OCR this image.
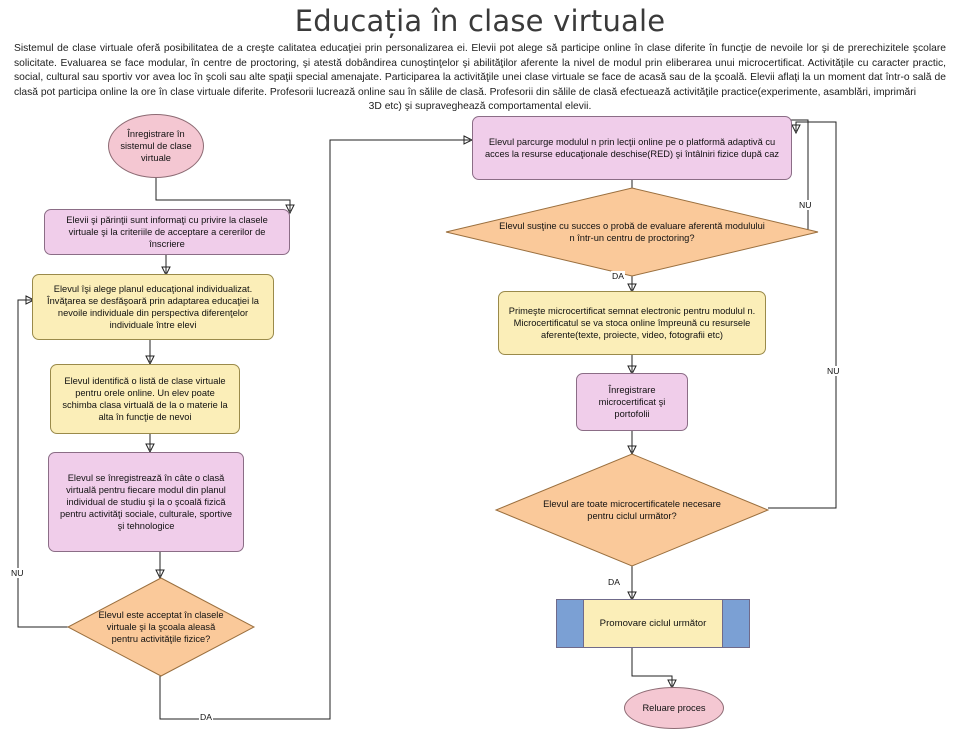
Educația în clase virtuale
Sistemul de clase virtuale oferă posibilitatea de a creşte calitatea educaţiei prin personalizarea ei. Elevii pot alege să participe online în clase diferite în funcţie de nevoile lor şi de prerechizitele şcolare solicitate. Evaluarea se face modular, în centre de proctoring, şi atestă dobândirea cunoştinţelor şi abilităţilor aferente la nivel de modul prin eliberarea unui microcertificat. Activităţile cu caracter practic, social, cultural sau sportiv vor avea loc în şcoli sau alte spaţii special amenajate. Participarea la activităţile unei clase virtuale se face de acasă sau de la şcoală. Elevii aflaţi la un moment dat într-o sală de clasă pot participa online la ore în clase virtuale diferite. Profesorii lucrează online sau în sălile de clasă. Profesorii din sălile de clasă efectuează activităţile practice(experimente, asamblări, imprimări
3D etc) şi supraveghează comportamental elevii.
Înregistrare în sistemul de clase virtuale
Elevii şi părinţii sunt informaţi cu privire la clasele virtuale şi la criteriile de acceptare a cererilor de înscriere
Elevul îşi alege planul educaţional individualizat. Învăţarea se desfăşoară prin adaptarea educaţiei la nevoile individuale din perspectiva diferenţelor individuale între elevi
Elevul identifică o listă de clase virtuale pentru orele online. Un elev poate schimba clasa virtuală de la o materie la alta în funcţie de nevoi
Elevul se înregistrează în câte o clasă virtuală pentru fiecare modul din planul individual de studiu şi la o şcoală fizică pentru activităţi sociale, culturale, sportive şi tehnologice
Elevul este acceptat în clasele virtuale şi la şcoala aleasă pentru activităţile fizice?
Elevul parcurge modulul n prin lecţii online pe o platformă adaptivă cu acces la resurse educaţionale deschise(RED) şi întâlniri fizice după caz
Elevul susţine cu succes o probă de evaluare aferentă modulului n într-un centru de proctoring?
Primeşte microcertificat semnat electronic pentru modulul n. Microcertificatul se va stoca online împreună cu resursele aferente(texte, proiecte, video, fotografii etc)
Înregistrare microcertificat şi portofolii
Elevul are toate microcertificatele necesare pentru ciclul următor?
Promovare ciclul următor
Reluare proces
NU
DA
NU
DA
NU
DA
